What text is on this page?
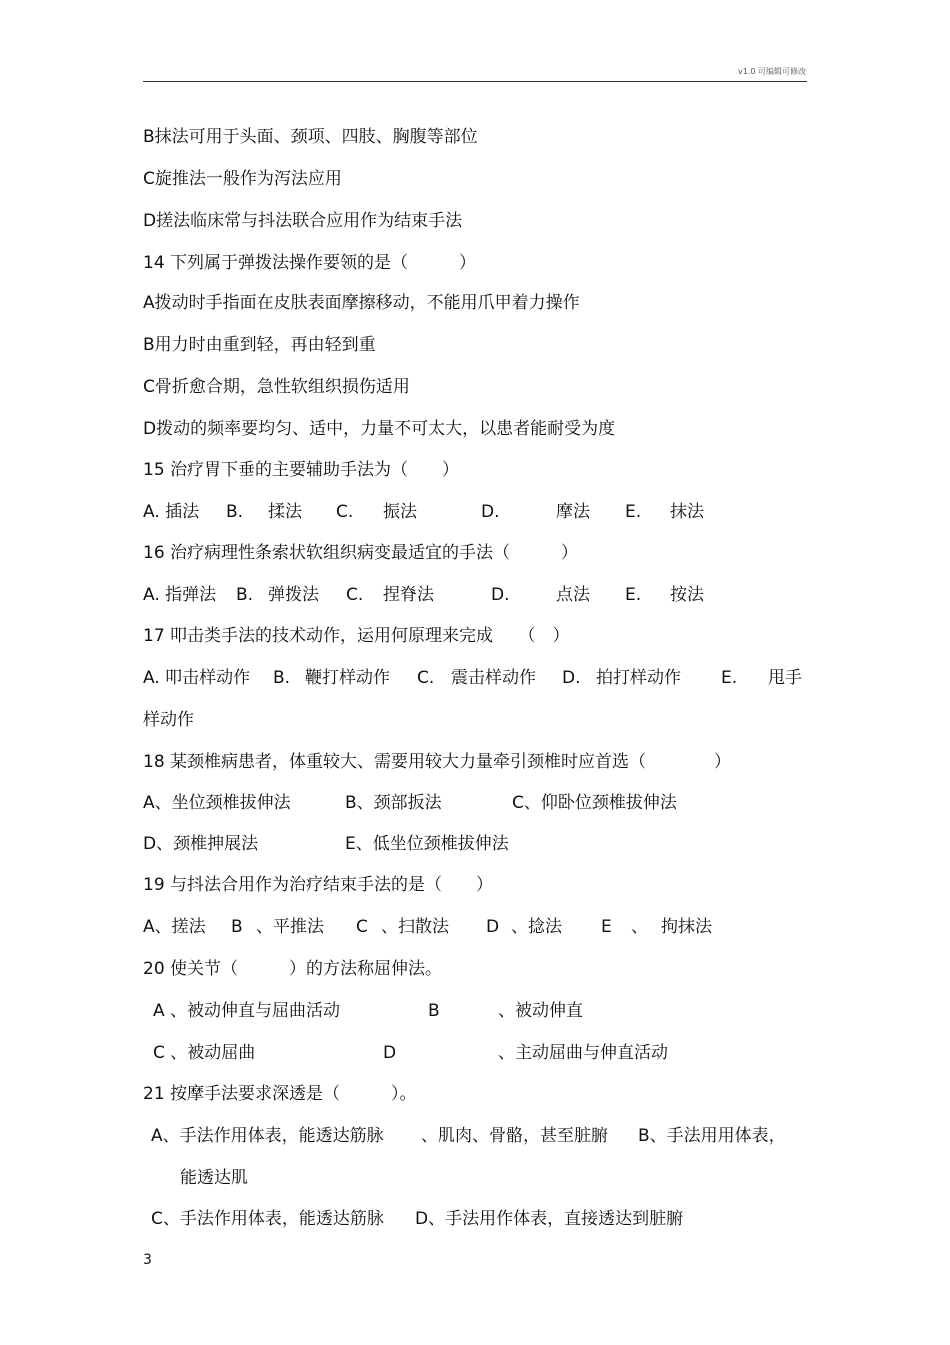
v1.0 可编辑可修改
B抹法可用于头面、颈项、四肢、胸腹等部位
C旋推法一般作为泻法应用
D搓法临床常与抖法联合应用作为结束手法
14 下列属于弹拨法操作要领的是（　　　）
A拨动时手指面在皮肤表面摩擦移动，不能用爪甲着力操作
B用力时由重到轻，再由轻到重
C骨折愈合期，急性软组织损伤适用
D拨动的频率要均匀、适中，力量不可太大，以患者能耐受为度
15 治疗胃下垂的主要辅助手法为（　　）
A. 插法 B. 揉法 C. 振法	D.	摩法 E. 抹法
16 治疗病理性条索状软组织病变最适宜的手法（　　　）
A. 指弹法 B. 弹拨法 C. 捏脊法	D.	点法 E. 按法
17 叩击类手法的技术动作，运用何原理来完成　　（　）
A. 叩击样动作 B. 鞭打样动作 C. 震击样动作 D. 拍打样动作 E. 甩手
样动作
18 某颈椎病患者，体重较大、需要用较大力量牵引颈椎时应首选（　　　　）
A、坐位颈椎拔伸法	B、颈部扳法	C、仰卧位颈椎拔伸法
D、颈椎抻展法	E、低坐位颈椎拔伸法
19 与抖法合用作为治疗结束手法的是（　　）
A、搓法 B 、平推法 C 、扫散法 D 、捻法 E 、 拘抹法
20 使关节（　　　）的方法称屈伸法。
A 、被动伸直与屈曲活动	B	、被动伸直
C 、被动屈曲	D	、主动屈曲与伸直活动
21 按摩手法要求深透是（　　　）。
A、手法作用体表，能透达筋脉 、肌肉、骨骼，甚至脏腑 B、手法用用体表，
能透达肌
C、手法作用体表，能透达筋脉 D、手法用作体表，直接透达到脏腑
3
